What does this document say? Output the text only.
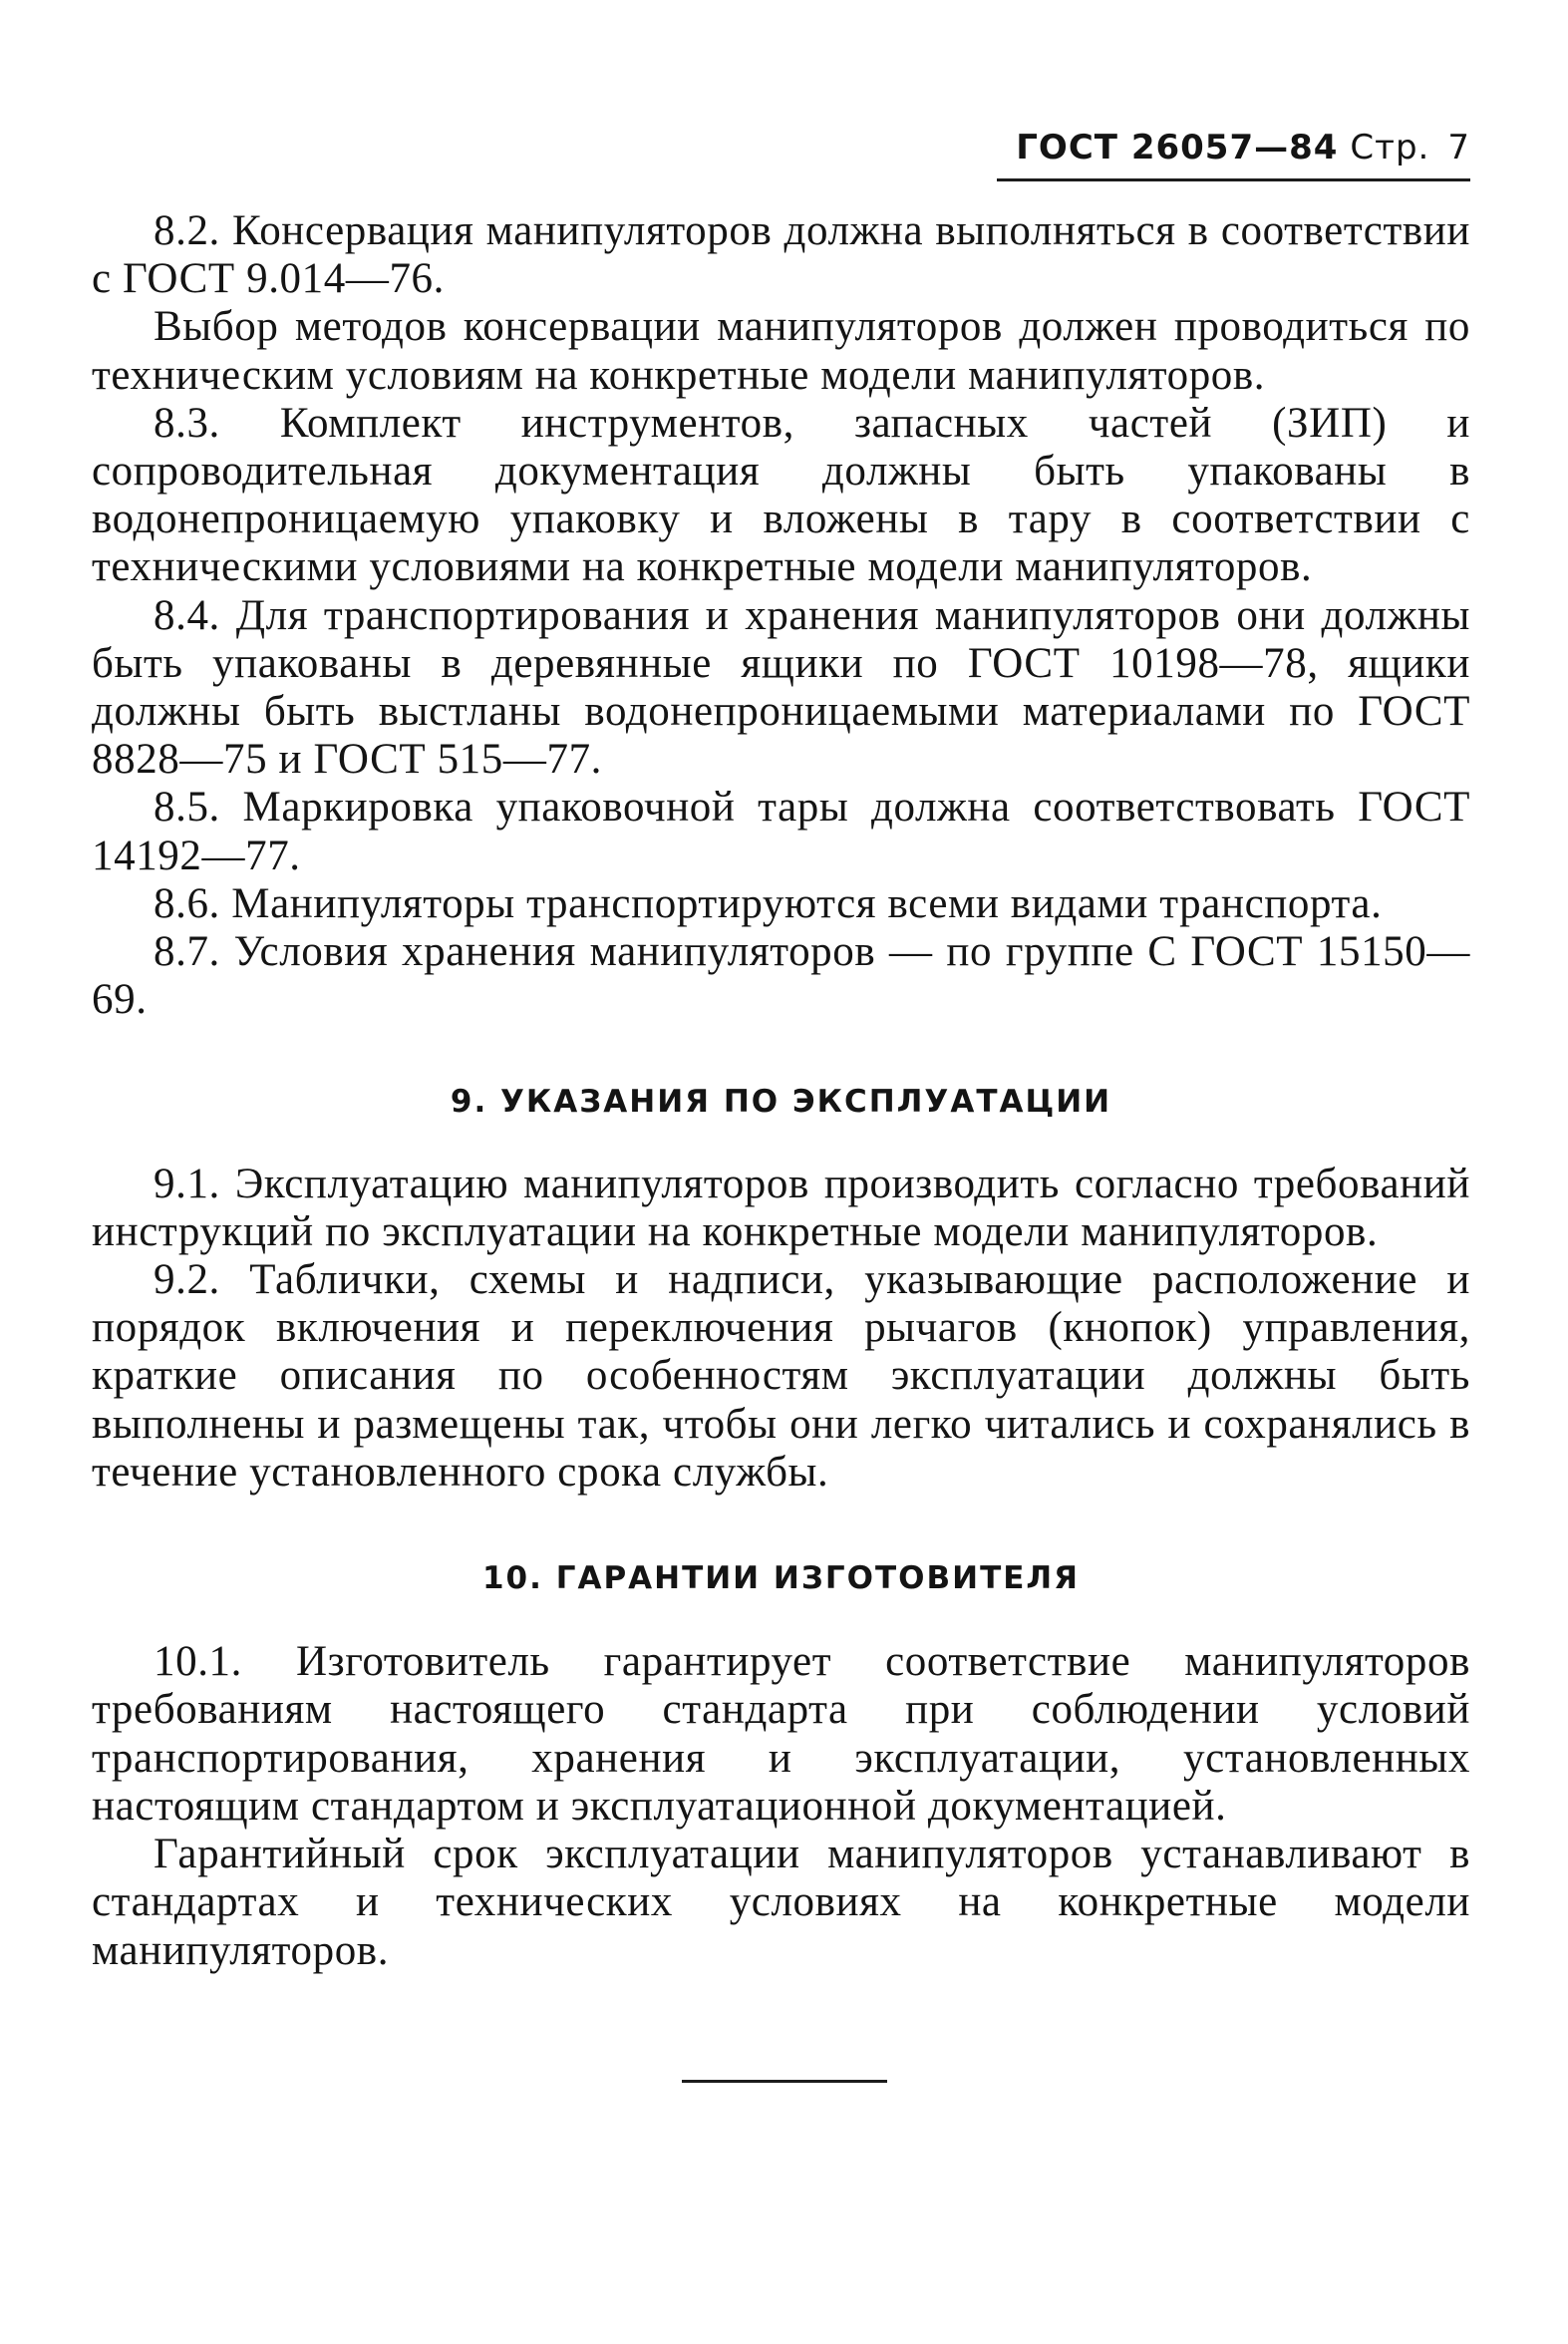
ГОСТ 26057—84 Стр. 7

8.2. Консервация манипуляторов должна выполняться в соответствии с ГОСТ 9.014—76.

Выбор методов консервации манипуляторов должен проводиться по техническим условиям на конкретные модели манипуляторов.

8.3. Комплект инструментов, запасных частей (ЗИП) и сопроводительная документация должны быть упакованы в водонепроницаемую упаковку и вложены в тару в соответствии с техническими условиями на конкретные модели манипуляторов.

8.4. Для транспортирования и хранения манипуляторов они должны быть упакованы в деревянные ящики по ГОСТ 10198—78, ящики должны быть выстланы водонепроницаемыми материалами по ГОСТ 8828—75 и ГОСТ 515—77.

8.5. Маркировка упаковочной тары должна соответствовать ГОСТ 14192—77.

8.6. Манипуляторы транспортируются всеми видами транспорта.

8.7. Условия хранения манипуляторов — по группе С ГОСТ 15150—69.

9. УКАЗАНИЯ ПО ЭКСПЛУАТАЦИИ

9.1. Эксплуатацию манипуляторов производить согласно требований инструкций по эксплуатации на конкретные модели манипуляторов.

9.2. Таблички, схемы и надписи, указывающие расположение и порядок включения и переключения рычагов (кнопок) управления, краткие описания по особенностям эксплуатации должны быть выполнены и размещены так, чтобы они легко читались и сохранялись в течение установленного срока службы.

10. ГАРАНТИИ ИЗГОТОВИТЕЛЯ

10.1. Изготовитель гарантирует соответствие манипуляторов требованиям настоящего стандарта при соблюдении условий транспортирования, хранения и эксплуатации, установленных настоящим стандартом и эксплуатационной документацией.

Гарантийный срок эксплуатации манипуляторов устанавливают в стандартах и технических условиях на конкретные модели манипуляторов.
